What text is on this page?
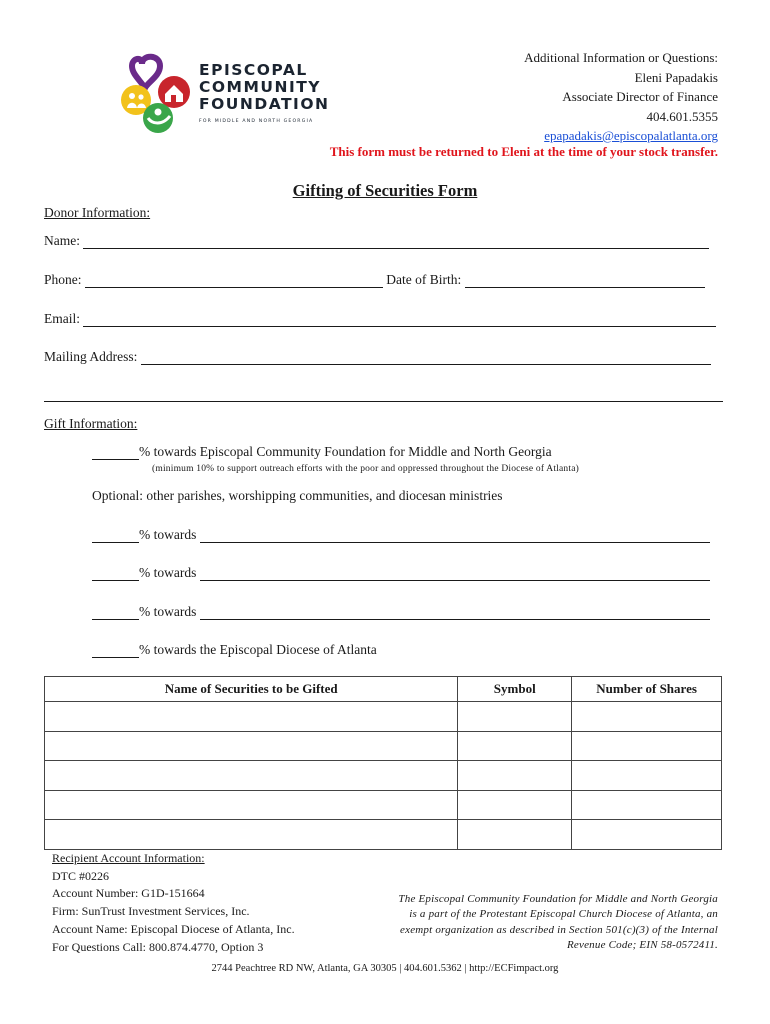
EPISCOPAL
COMMUNITY
FOUNDATION
FOR MIDDLE AND NORTH GEORGIA
Additional Information or Questions:
Eleni Papadakis
Associate Director of Finance
404.601.5355
epapadakis@episcopalatlanta.org
This form must be returned to Eleni at the time of your stock transfer.
Gifting of Securities Form
Donor Information:
Name:

Phone:

	Date of Birth:

Email:

Mailing Address:

Gift Information:
% towards Episcopal Community Foundation for Middle and North Georgia
(minimum 10% to support outreach efforts with the poor and oppressed throughout the Diocese of Atlanta)
Optional: other parishes, worshipping communities, and diocesan ministries
% towards

% towards

% towards

% towards the Episcopal Diocese of Atlanta
Name of Securities to be Gifted	Symbol	Number of Shares

Recipient Account Information:
DTC #0226
Account Number: G1D-151664
Firm: SunTrust Investment Services, Inc.
Account Name: Episcopal Diocese of Atlanta, Inc.
For Questions Call: 800.874.4770, Option 3
The Episcopal Community Foundation for Middle and North Georgia is a part of the Protestant Episcopal Church Diocese of Atlanta, an exempt organization as described in Section 501(c)(3) of the Internal Revenue Code; EIN 58-0572411.
2744 Peachtree RD NW, Atlanta, GA 30305 | 404.601.5362 | http://ECFimpact.org
